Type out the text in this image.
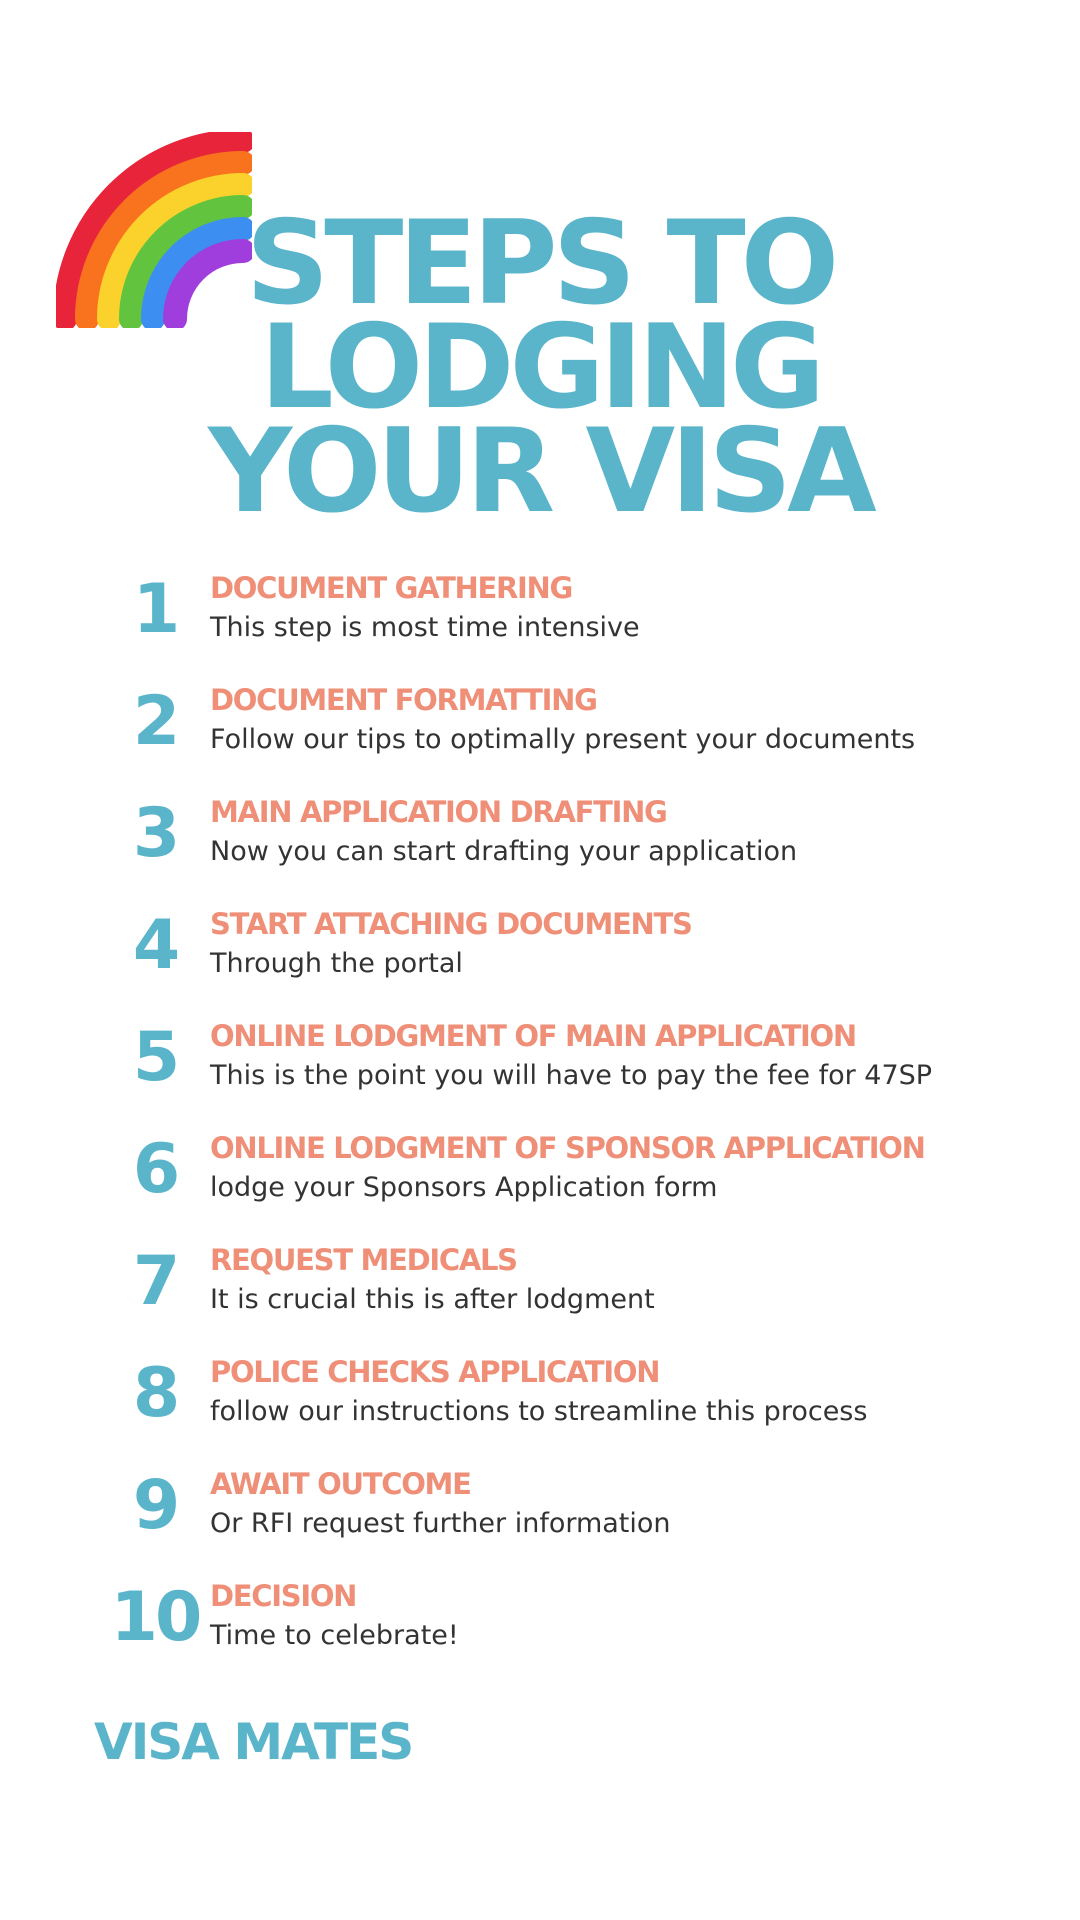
STEPS TO
LODGING
YOUR VISA
1	DOCUMENT GATHERING
This step is most time intensive
2	DOCUMENT FORMATTING
Follow our tips to optimally present your documents
3	MAIN APPLICATION DRAFTING
Now you can start drafting your application
4	START ATTACHING DOCUMENTS
Through the portal
5	ONLINE LODGMENT OF MAIN APPLICATION
This is the point you will have to pay the fee for 47SP
6	ONLINE LODGMENT OF SPONSOR APPLICATION
lodge your Sponsors Application form
7	REQUEST MEDICALS
It is crucial this is after lodgment
8	POLICE CHECKS APPLICATION
follow our instructions to streamline this process
9	AWAIT OUTCOME
Or RFI request further information
10 DECISION
Time to celebrate!
VISA MATES
